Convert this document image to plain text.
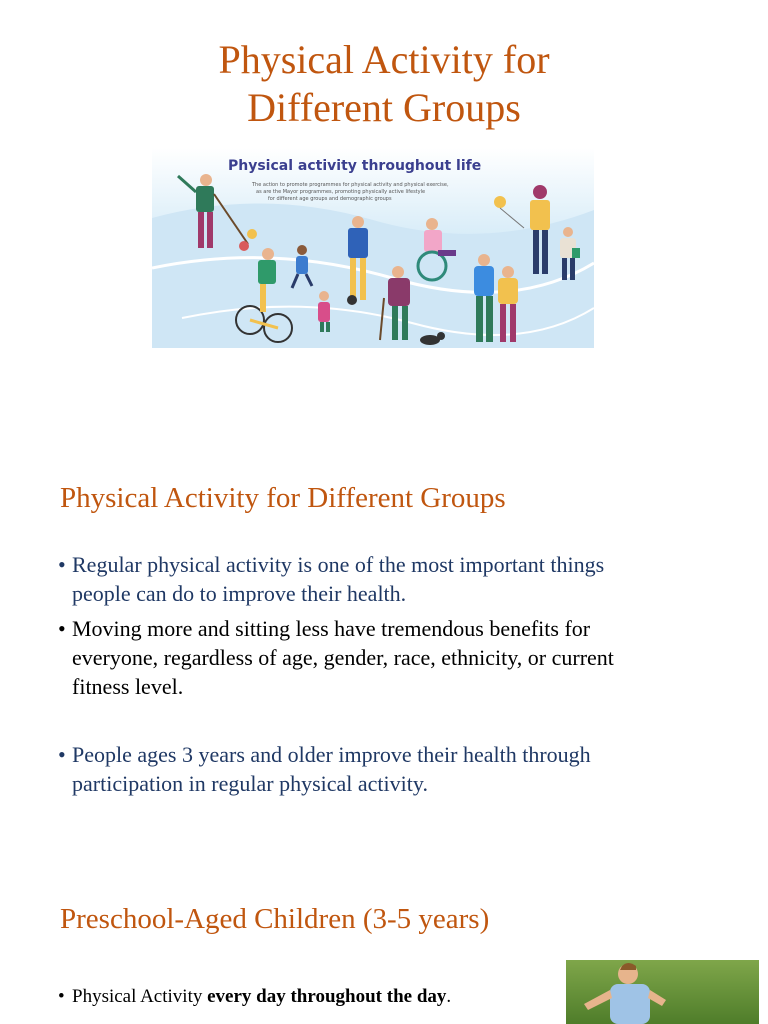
Physical Activity for
Different Groups
Physical activity throughout life
The action to promote programmes for physical activity and physical exercise,
as are the Mayor programmes, promoting physically active lifestyle
for different age groups and demographic groups
Physical Activity for Different Groups
• Regular physical activity is one of the most important things
people can do to improve their health.
• Moving more and sitting less have tremendous benefits for
everyone, regardless of age, gender, race, ethnicity, or current
fitness level.
• People ages 3 years and older improve their health through
participation in regular physical activity.
Preschool-Aged Children (3-5 years)
• Physical Activity every day throughout the day.
